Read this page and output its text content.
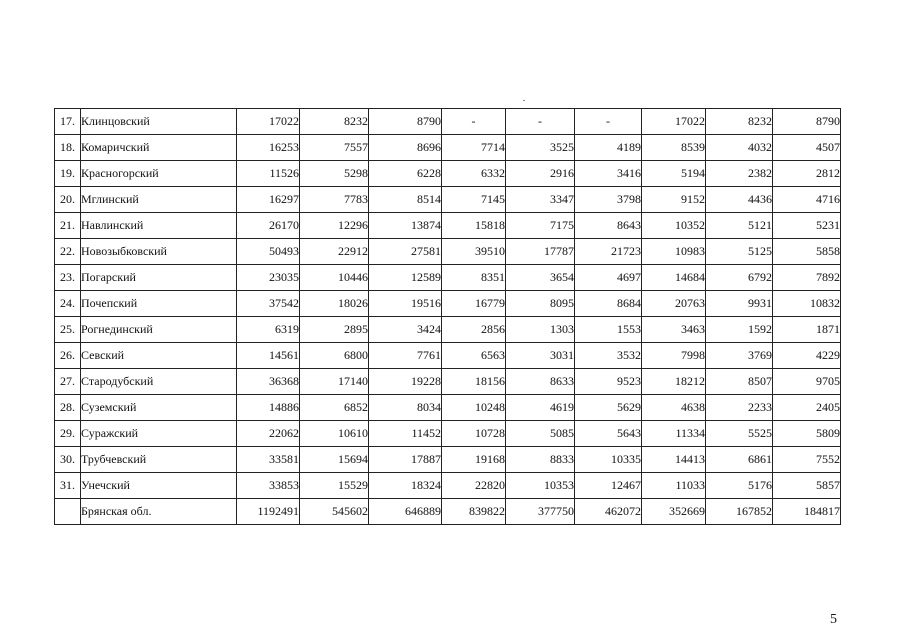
17.	Клинцовский	17022	8232	8790	-	-	-	17022	8232	8790
18.	Комаричский	16253	7557	8696	7714	3525	4189	8539	4032	4507
19.	Красногорский	11526	5298	6228	6332	2916	3416	5194	2382	2812
20.	Мглинский	16297	7783	8514	7145	3347	3798	9152	4436	4716
21.	Навлинский	26170	12296	13874	15818	7175	8643	10352	5121	5231
22.	Новозыбковский	50493	22912	27581	39510	17787	21723	10983	5125	5858
23.	Погарский	23035	10446	12589	8351	3654	4697	14684	6792	7892
24.	Почепский	37542	18026	19516	16779	8095	8684	20763	9931	10832
25.	Рогнединский	6319	2895	3424	2856	1303	1553	3463	1592	1871
26.	Севский	14561	6800	7761	6563	3031	3532	7998	3769	4229
27.	Стародубский	36368	17140	19228	18156	8633	9523	18212	8507	9705
28.	Суземский	14886	6852	8034	10248	4619	5629	4638	2233	2405
29.	Суражский	22062	10610	11452	10728	5085	5643	11334	5525	5809
30.	Трубчевский	33581	15694	17887	19168	8833	10335	14413	6861	7552
31.	Унечский	33853	15529	18324	22820	10353	12467	11033	5176	5857
	Брянская обл.	1192491	545602	646889	839822	377750	462072	352669	167852	184817
5
